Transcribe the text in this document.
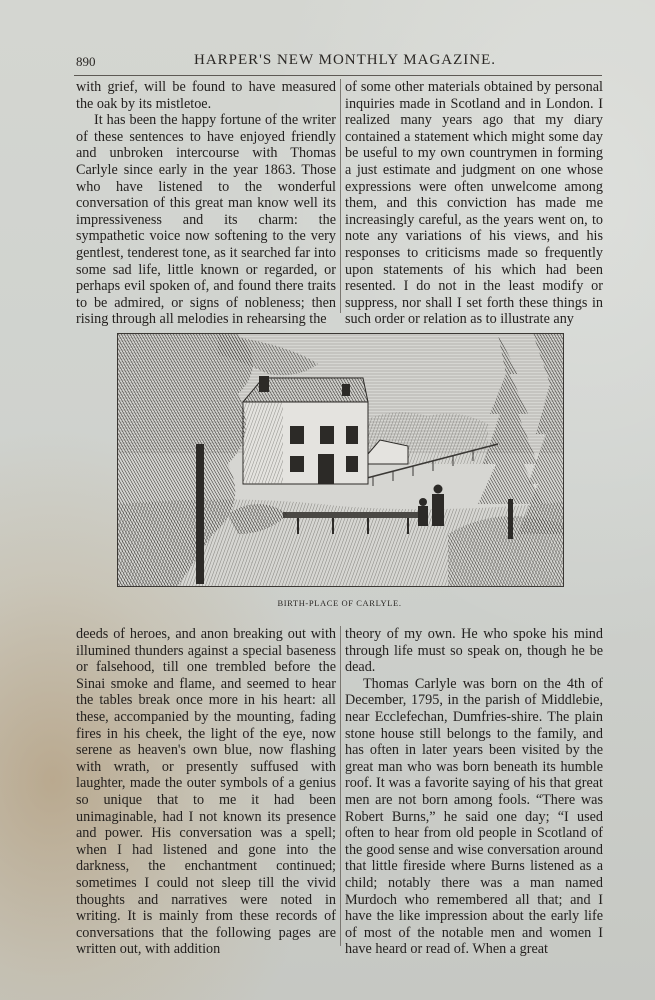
890	HARPER'S NEW MONTHLY MAGAZINE.

with grief, will be found to have measured the oak by its mistletoe.

It has been the happy fortune of the writer of these sentences to have enjoyed friendly and unbroken intercourse with Thomas Carlyle since early in the year 1863. Those who have listened to the wonderful conversation of this great man know well its impressiveness and its charm: the sympathetic voice now softening to the very gentlest, tenderest tone, as it searched far into some sad life, little known or regarded, or perhaps evil spoken of, and found there traits to be admired, or signs of nobleness; then rising through all melodies in rehearsing the

of some other materials obtained by personal inquiries made in Scotland and in London. I realized many years ago that my diary contained a statement which might some day be useful to my own countrymen in forming a just estimate and judgment on one whose expressions were often unwelcome among them, and this conviction has made me increasingly careful, as the years went on, to note any variations of his views, and his responses to criticisms made so frequently upon statements of his which had been resented. I do not in the least modify or suppress, nor shall I set forth these things in such order or relation as to illustrate any

BIRTH-PLACE OF CARLYLE.

deeds of heroes, and anon breaking out with illumined thunders against a special baseness or falsehood, till one trembled before the Sinai smoke and flame, and seemed to hear the tables break once more in his heart: all these, accompanied by the mounting, fading fires in his cheek, the light of the eye, now serene as heaven's own blue, now flashing with wrath, or presently suffused with laughter, made the outer symbols of a genius so unique that to me it had been unimaginable, had I not known its presence and power. His conversation was a spell; when I had listened and gone into the darkness, the enchantment continued; sometimes I could not sleep till the vivid thoughts and narratives were noted in writing. It is mainly from these records of conversations that the following pages are written out, with addition

theory of my own. He who spoke his mind through life must so speak on, though he be dead.

Thomas Carlyle was born on the 4th of December, 1795, in the parish of Middlebie, near Ecclefechan, Dumfries-shire. The plain stone house still belongs to the family, and has often in later years been visited by the great man who was born beneath its humble roof. It was a favorite saying of his that great men are not born among fools. “There was Robert Burns,” he said one day; “I used often to hear from old people in Scotland of the good sense and wise conversation around that little fireside where Burns listened as a child; notably there was a man named Murdoch who remembered all that; and I have the like impression about the early life of most of the notable men and women I have heard or read of. When a great
